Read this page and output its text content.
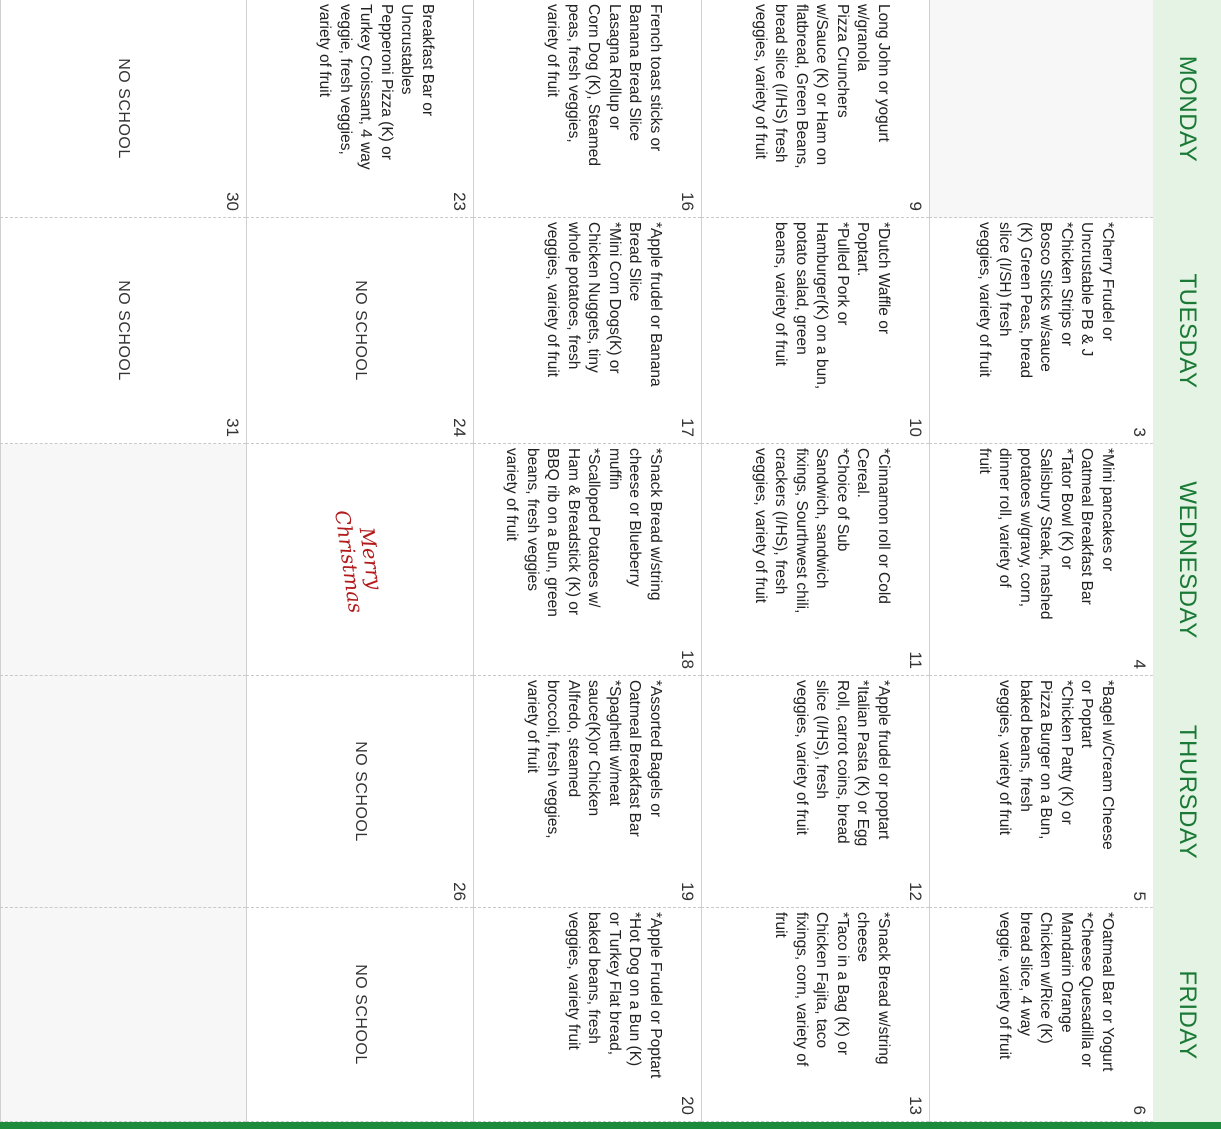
MONDAY
TUESDAY
WEDNESDAY
THURSDAY
FRIDAY
3
*Cherry Frudel or
Uncrustable PB & J
*Chicken Strips or
Bosco Sticks w/sauce
(K) Green Peas, bread
slice (I/SH) fresh
veggies, variety of fruit
4
*Mini pancakes or
Oatmeal Breakfast Bar
*Tator Bowl (K) or
Salisbury Steak, mashed
potatoes w/gravy, corn,
dinner roll, variety of
fruit
5
*Bagel w/Cream Cheese
or Poptart
*Chicken Patty (K) or
Pizza Burger on a Bun,
baked beans, fresh
veggies, variety of fruit
6
*Oatmeal Bar or Yogurt
*Cheese Quesadilla or
Mandarin Orange
Chicken w/Rice (K)
bread slice, 4 way
veggie, variety of fruit
9
Long John or yogurt
w/granola
Pizza Crunchers
w/Sauce (K) or Ham on
flatbread, Green Beans,
bread slice (I/HS) fresh
veggies, variety of fruit
10
*Dutch Waffle or
Poptart.
*Pulled Pork or
Hamburger(K) on a bun,
potato salad, green
beans, variety of fruit
11
*Cinnamon roll or Cold
Cereal.
*Choice of Sub
Sandwich, sandwich
fixings, Sourthwest chili,
crackers (I/HS), fresh
veggies, variety of fruit
12
*Apple frudel or poptart
*Italian Pasta (K) or Egg
Roll, carrot coins, bread
slice (I/HS), fresh
veggies, variety of fruit
13
*Snack Bread w/string
cheese
*Taco in a Bag (K) or
Chicken Fajita, taco
fixings, corn, variety of
fruit
16
French toast sticks or
Banana Bread Slice
Lasagna Rollup or
Corn Dog (K), Steamed
peas, fresh veggies,
variety of fruit
17
*Apple frudel or Banana
Bread Slice
*Mini Corn Dogs(K) or
Chicken Nuggets, tiny
whole potatoes, fresh
veggies, variety of fruit
18
*Snack Bread w/string
cheese or Blueberry
muffin
*Scalloped Potatoes w/
Ham & Breadstick (K) or
BBQ rib on a Bun, green
beans, fresh veggies
variety of fruit
19
*Assorted Bagels or
Oatmeal Breakfast Bar
*Spaghetti w/meat
sauce(K)or Chicken
Alfredo, steamed
broccoli, fresh veggies,
variety of fruit
20
*Apple Frudel or Poptart
*Hot Dog on a Bun (K)
or Turkey Flat bread,
baked beans, fresh
veggies, variety fruit
23
Breakfast Bar or
Uncrustables
Pepperoni Pizza (K) or
Turkey Croissant, 4 way
veggie, fresh veggies,
variety of fruit
24
NO SCHOOL
Merry
Christmas
26
NO SCHOOL
NO SCHOOL
30
NO SCHOOL
31
NO SCHOOL
